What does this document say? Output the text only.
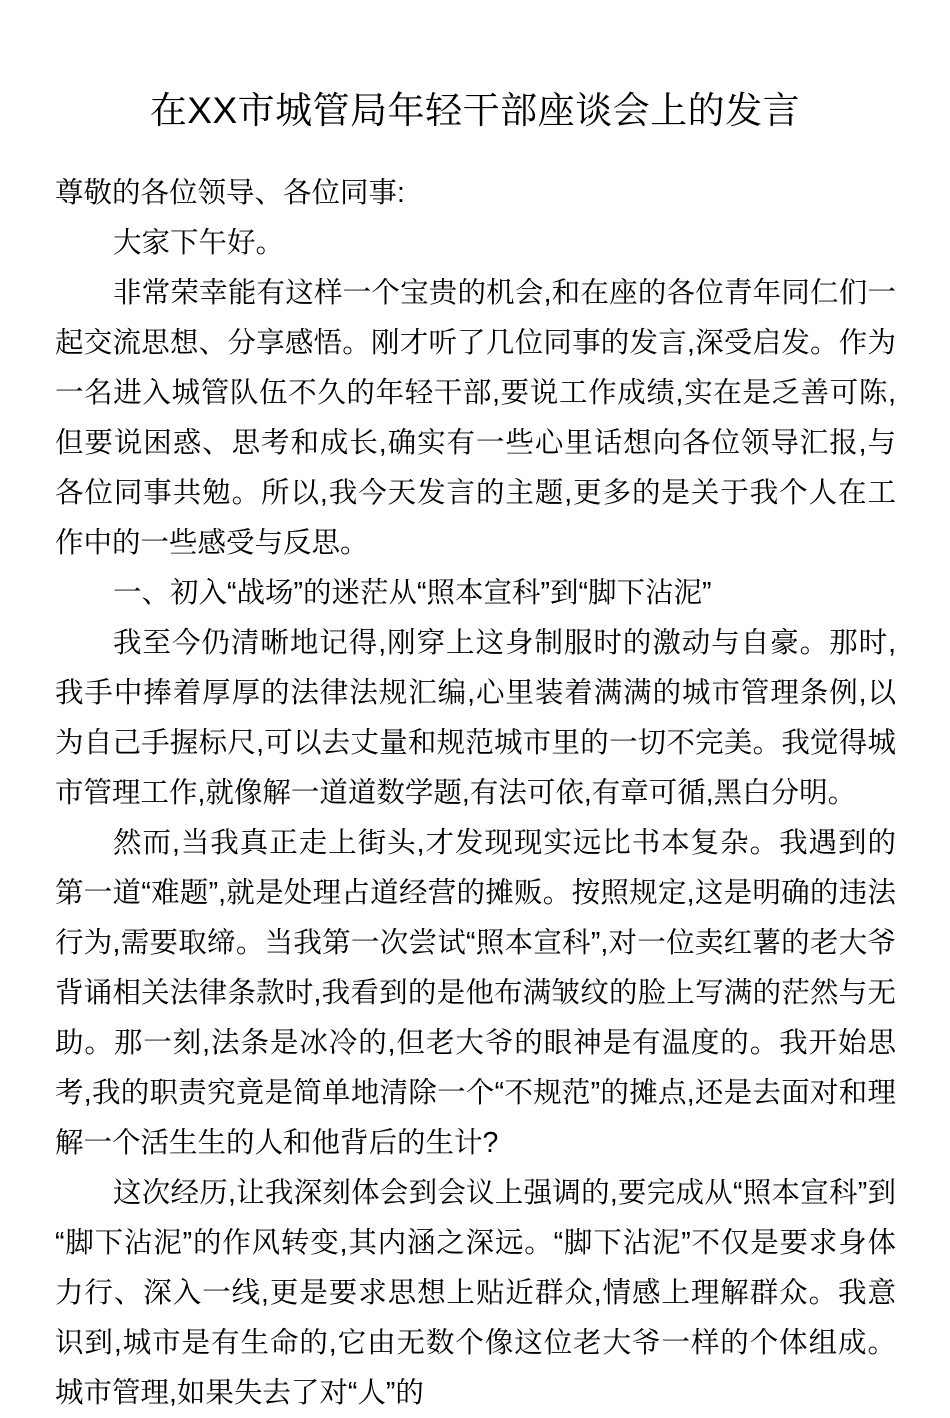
在XX市城管局年轻干部座谈会上的发言

尊敬的各位领导、各位同事:

大家下午好。

非常荣幸能有这样一个宝贵的机会,和在座的各位青年同仁们一起交流思想、分享感悟。刚才听了几位同事的发言,深受启发。作为一名进入城管队伍不久的年轻干部,要说工作成绩,实在是乏善可陈,但要说困惑、思考和成长,确实有一些心里话想向各位领导汇报,与各位同事共勉。所以,我今天发言的主题,更多的是关于我个人在工作中的一些感受与反思。

一、初入“战场”的迷茫从“照本宣科”到“脚下沾泥”

我至今仍清晰地记得,刚穿上这身制服时的激动与自豪。那时,我手中捧着厚厚的法律法规汇编,心里装着满满的城市管理条例,以为自己手握标尺,可以去丈量和规范城市里的一切不完美。我觉得城市管理工作,就像解一道道数学题,有法可依,有章可循,黑白分明。

然而,当我真正走上街头,才发现现实远比书本复杂。我遇到的第一道“难题”,就是处理占道经营的摊贩。按照规定,这是明确的违法行为,需要取缔。当我第一次尝试“照本宣科”,对一位卖红薯的老大爷背诵相关法律条款时,我看到的是他布满皱纹的脸上写满的茫然与无助。那一刻,法条是冰冷的,但老大爷的眼神是有温度的。我开始思考,我的职责究竟是简单地清除一个“不规范”的摊点,还是去面对和理解一个活生生的人和他背后的生计?

这次经历,让我深刻体会到会议上强调的,要完成从“照本宣科”到“脚下沾泥”的作风转变,其内涵之深远。“脚下沾泥”不仅是要求身体力行、深入一线,更是要求思想上贴近群众,情感上理解群众。我意识到,城市是有生命的,它由无数个像这位老大爷一样的个体组成。城市管理,如果失去了对“人”的
